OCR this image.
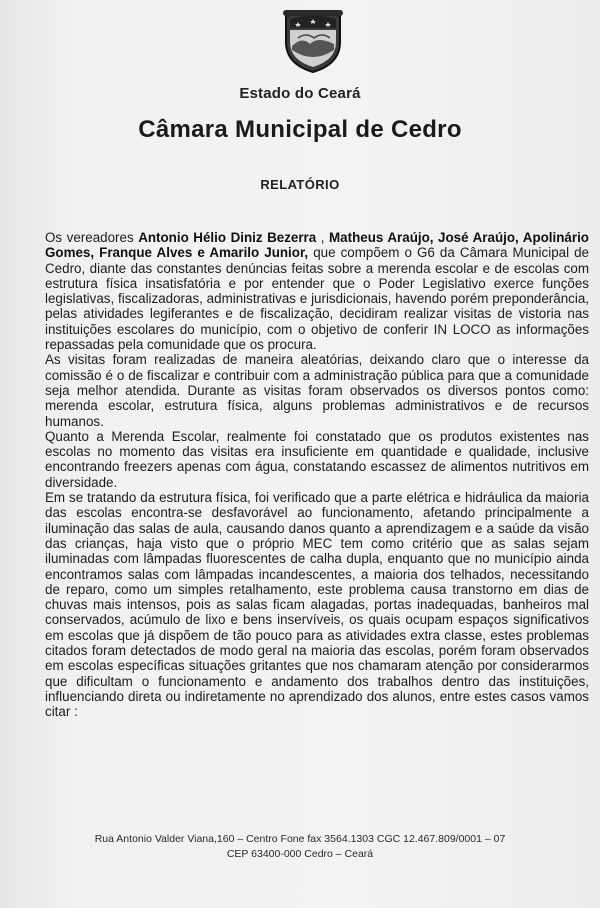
Estado do Ceará
Câmara Municipal de Cedro
RELATÓRIO

Os vereadores Antonio Hélio Diniz Bezerra , Matheus Araújo, José Araújo, Apolinário Gomes, Franque Alves e Amarilo Junior, que compõem o G6 da Câmara Municipal de Cedro, diante das constantes denúncias feitas sobre a merenda escolar e de escolas com estrutura física insatisfatória e por entender que o Poder Legislativo exerce funções legislativas, fiscalizadoras, administrativas e jurisdicionais, havendo porém preponderância, pelas atividades legiferantes e de fiscalização, decidiram realizar visitas de vistoria nas instituições escolares do município, com o objetivo de conferir IN LOCO as informações repassadas pela comunidade que os procura.

As visitas foram realizadas de maneira aleatórias, deixando claro que o interesse da comissão é o de fiscalizar e contribuir com a administração pública para que a comunidade seja melhor atendida. Durante as visitas foram observados os diversos pontos como: merenda escolar, estrutura física, alguns problemas administrativos e de recursos humanos.

Quanto a Merenda Escolar, realmente foi constatado que os produtos existentes nas escolas no momento das visitas era insuficiente em quantidade e qualidade, inclusive encontrando freezers apenas com água, constatando escassez de alimentos nutritivos em diversidade.

Em se tratando da estrutura física, foi verificado que a parte elétrica e hidráulica da maioria das escolas encontra-se desfavorável ao funcionamento, afetando principalmente a iluminação das salas de aula, causando danos quanto a aprendizagem e a saúde da visão das crianças, haja visto que o próprio MEC tem como critério que as salas sejam iluminadas com lâmpadas fluorescentes de calha dupla, enquanto que no município ainda encontramos salas com lâmpadas incandescentes, a maioria dos telhados, necessitando de reparo, como um simples retalhamento, este problema causa transtorno em dias de chuvas mais intensos, pois as salas ficam alagadas, portas inadequadas, banheiros mal conservados, acúmulo de lixo e bens inservíveis, os quais ocupam espaços significativos em escolas que já dispõem de tão pouco para as atividades extra classe, estes problemas citados foram detectados de modo geral na maioria das escolas, porém foram observados em escolas específicas situações gritantes que nos chamaram atenção por considerarmos que dificultam o funcionamento e andamento dos trabalhos dentro das instituições, influenciando direta ou indiretamente no aprendizado dos alunos, entre estes casos vamos citar :

Rua Antonio Valder Viana,160 – Centro Fone fax 3564.1303 CGC 12.467.809/0001 – 07
CEP 63400-000 Cedro – Ceará
